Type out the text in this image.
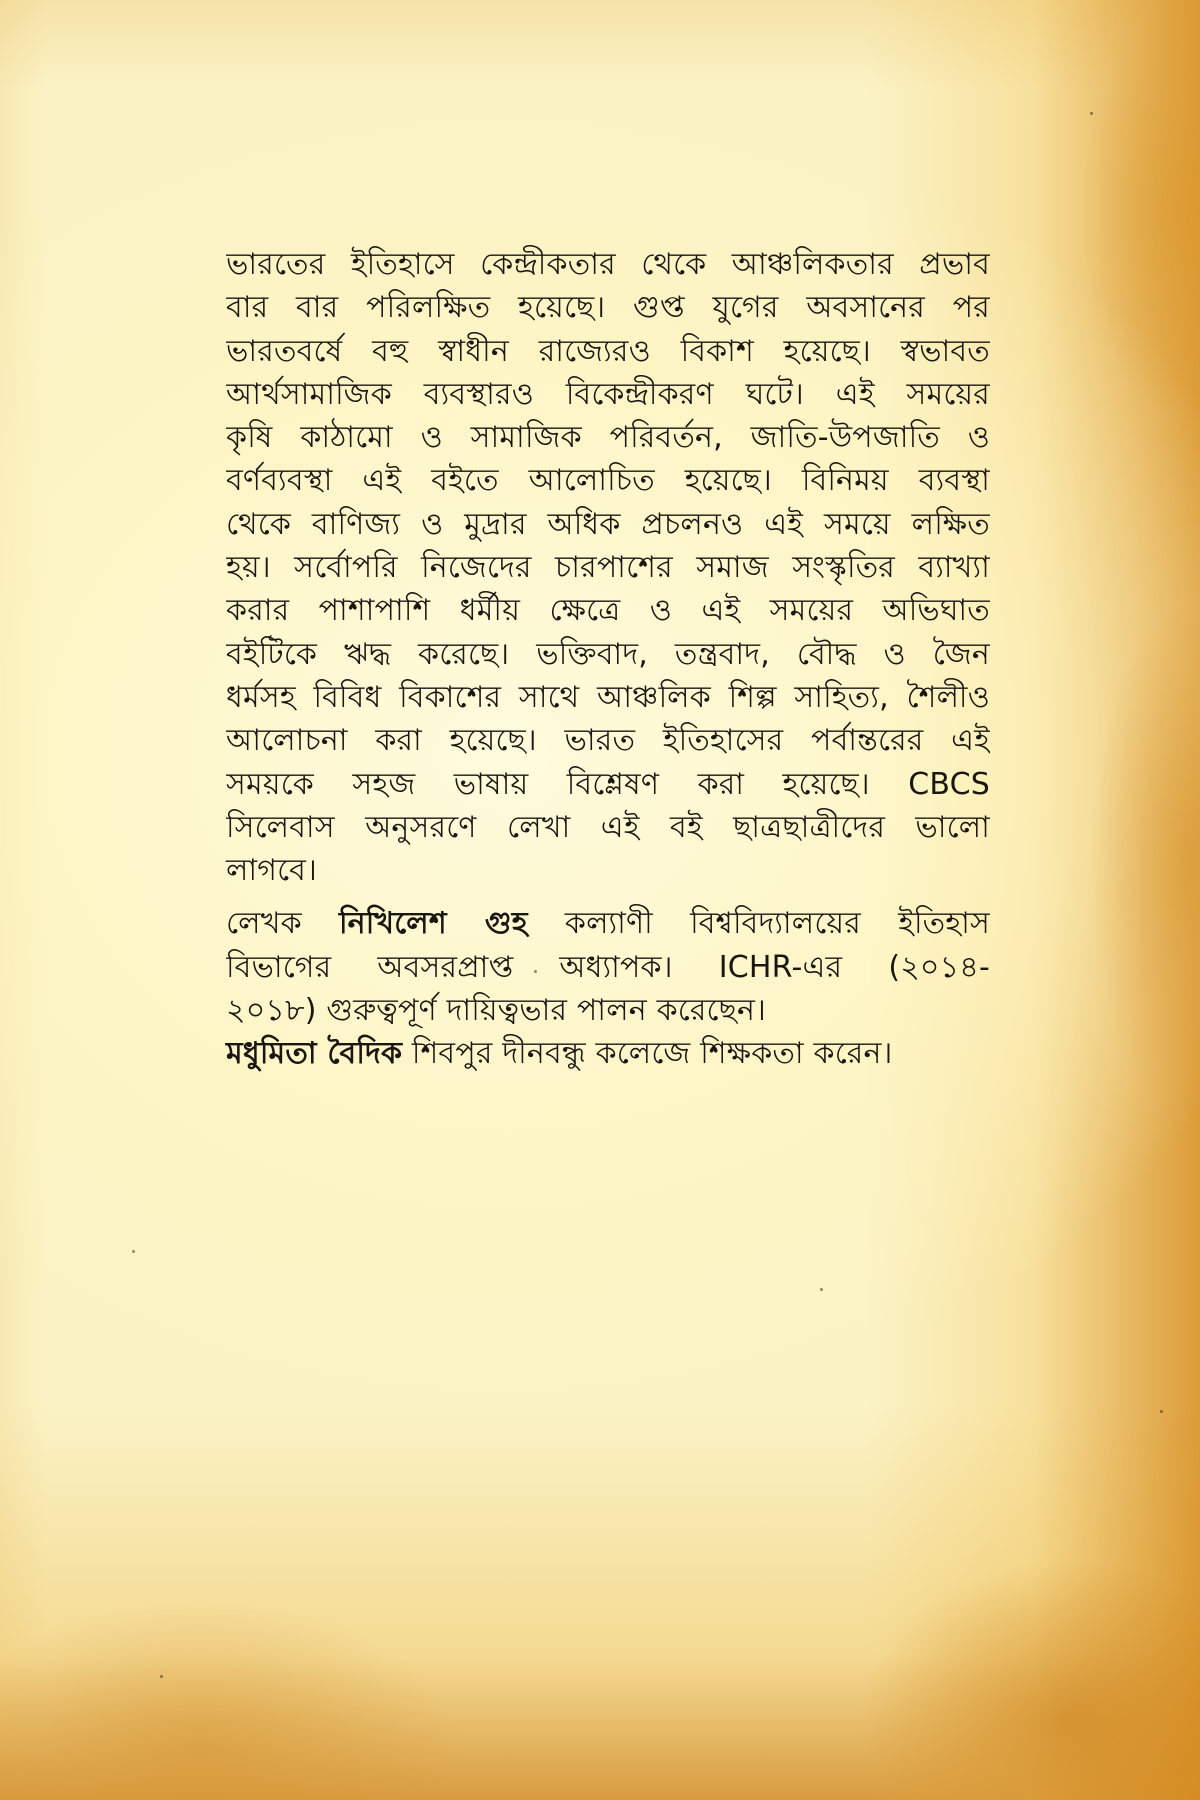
ভারতের ইতিহাসে কেন্দ্রীকতার থেকে আঞ্চলিকতার প্রভাব
বার বার পরিলক্ষিত হয়েছে। গুপ্ত যুগের অবসানের পর
ভারতবর্ষে বহু স্বাধীন রাজ্যেরও বিকাশ হয়েছে। স্বভাবত
আর্থসামাজিক ব্যবস্থারও বিকেন্দ্রীকরণ ঘটে। এই সময়ের
কৃষি কাঠামো ও সামাজিক পরিবর্তন, জাতি-উপজাতি ও
বর্ণব্যবস্থা এই বইতে আলোচিত হয়েছে। বিনিময় ব্যবস্থা
থেকে বাণিজ্য ও মুদ্রার অধিক প্রচলনও এই সময়ে লক্ষিত
হয়। সর্বোপরি নিজেদের চারপাশের সমাজ সংস্কৃতির ব্যাখ্যা
করার পাশাপাশি ধর্মীয় ক্ষেত্রে ও এই সময়ের অভিঘাত
বইটিকে ঋদ্ধ করেছে। ভক্তিবাদ, তন্ত্রবাদ, বৌদ্ধ ও জৈন
ধর্মসহ বিবিধ বিকাশের সাথে আঞ্চলিক শিল্প সাহিত্য, শৈলীও
আলোচনা করা হয়েছে। ভারত ইতিহাসের পর্বান্তরের এই
সময়কে সহজ ভাষায় বিশ্লেষণ করা হয়েছে। CBCS
সিলেবাস অনুসরণে লেখা এই বই ছাত্রছাত্রীদের ভালো
লাগবে।
লেখক নিখিলেশ গুহ কল্যাণী বিশ্ববিদ্যালয়ের ইতিহাস
বিভাগের অবসরপ্রাপ্ত অধ্যাপক। ICHR-এর (২০১৪-
২০১৮) গুরুত্বপূর্ণ দায়িত্বভার পালন করেছেন।
মধুমিতা বৈদিক শিবপুর দীনবন্ধু কলেজে শিক্ষকতা করেন।
